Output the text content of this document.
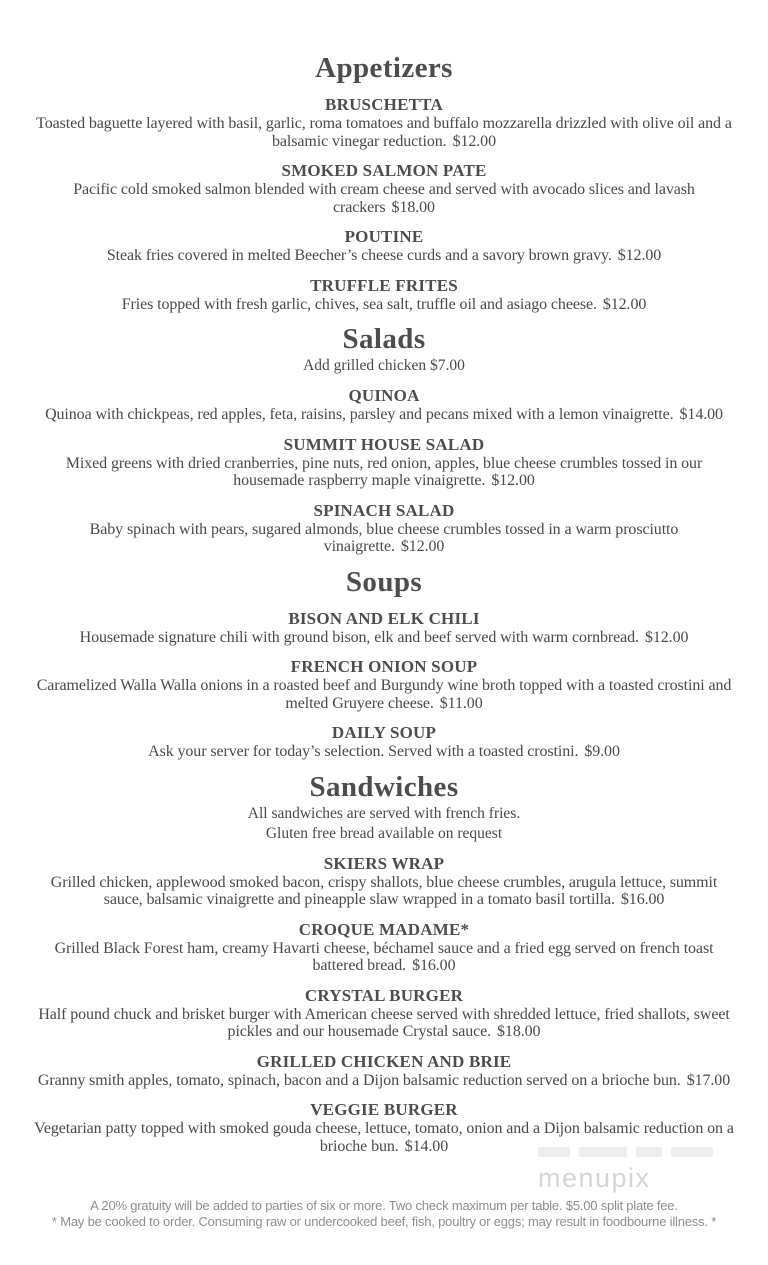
Appetizers
BRUSCHETTA

Toasted baguette layered with basil, garlic, roma tomatoes and buffalo mozzarella drizzled with olive oil and a balsamic vinegar reduction. $12.00

SMOKED SALMON PATE

Pacific cold smoked salmon blended with cream cheese and served with avocado slices and lavash crackers $18.00

POUTINE

Steak fries covered in melted Beecher’s cheese curds and a savory brown gravy. $12.00

TRUFFLE FRITES

Fries topped with fresh garlic, chives, sea salt, truffle oil and asiago cheese. $12.00

Salads

Add grilled chicken $7.00

QUINOA

Quinoa with chickpeas, red apples, feta, raisins, parsley and pecans mixed with a lemon vinaigrette. $14.00

SUMMIT HOUSE SALAD

Mixed greens with dried cranberries, pine nuts, red onion, apples, blue cheese crumbles tossed in our housemade raspberry maple vinaigrette. $12.00

SPINACH SALAD

Baby spinach with pears, sugared almonds, blue cheese crumbles tossed in a warm prosciutto vinaigrette. $12.00

Soups
BISON AND ELK CHILI

Housemade signature chili with ground bison, elk and beef served with warm cornbread. $12.00

FRENCH ONION SOUP

Caramelized Walla Walla onions in a roasted beef and Burgundy wine broth topped with a toasted crostini and melted Gruyere cheese. $11.00

DAILY SOUP

Ask your server for today’s selection. Served with a toasted crostini. $9.00

Sandwiches

All sandwiches are served with french fries.

Gluten free bread available on request

SKIERS WRAP

Grilled chicken, applewood smoked bacon, crispy shallots, blue cheese crumbles, arugula lettuce, summit sauce, balsamic vinaigrette and pineapple slaw wrapped in a tomato basil tortilla. $16.00

CROQUE MADAME*

Grilled Black Forest ham, creamy Havarti cheese, béchamel sauce and a fried egg served on french toast battered bread. $16.00

CRYSTAL BURGER

Half pound chuck and brisket burger with American cheese served with shredded lettuce, fried shallots, sweet pickles and our housemade Crystal sauce. $18.00

GRILLED CHICKEN AND BRIE

Granny smith apples, tomato, spinach, bacon and a Dijon balsamic reduction served on a brioche bun. $17.00

VEGGIE BURGER

Vegetarian patty topped with smoked gouda cheese, lettuce, tomato, onion and a Dijon balsamic reduction on a brioche bun. $14.00

menupix

A 20% gratuity will be added to parties of six or more. Two check maximum per table. $5.00 split plate fee.

* May be cooked to order. Consuming raw or undercooked beef, fish, poultry or eggs; may result in foodbourne illness. *
